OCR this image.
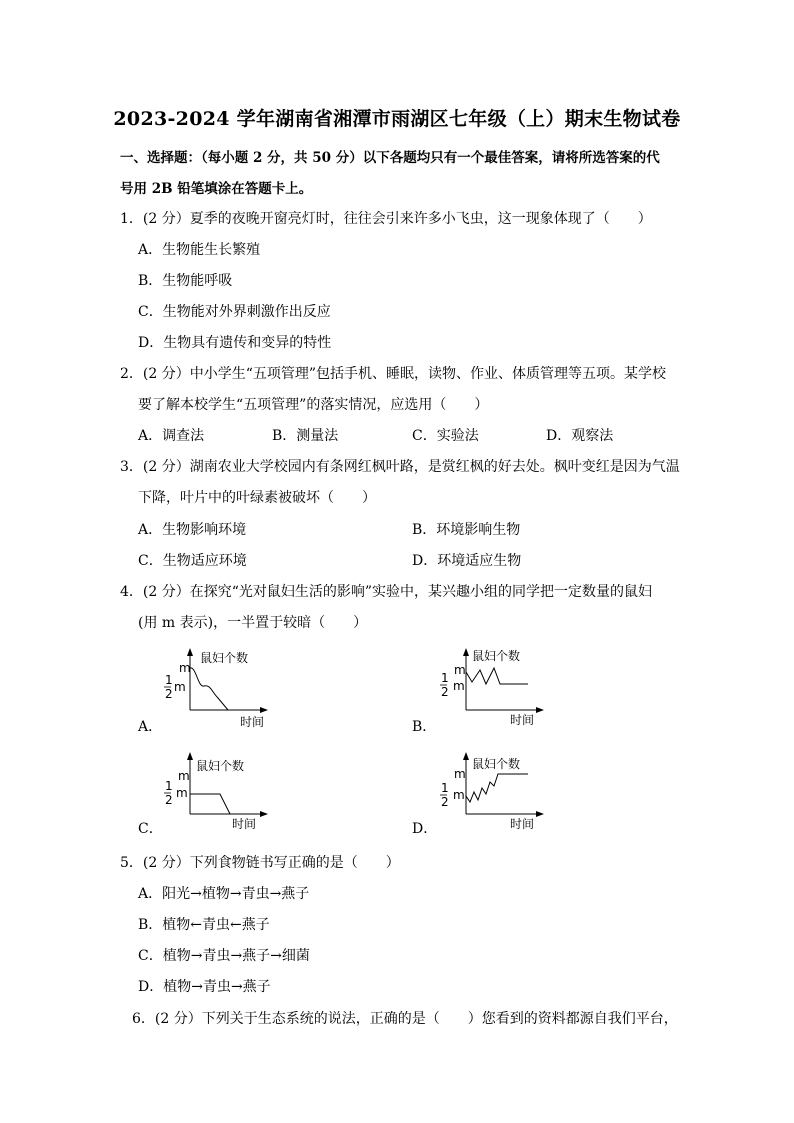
2023-2024 学年湖南省湘潭市雨湖区七年级（上）期末生物试卷
一、选择题：（每小题 2 分，共 50 分）以下各题均只有一个最佳答案，请将所选答案的代
号用 2B 铅笔填涂在答题卡上。
1．(2 分）夏季的夜晚开窗亮灯时，往往会引来许多小飞虫，这一现象体现了（　　）
A．生物能生长繁殖
B．生物能呼吸
C．生物能对外界刺激作出反应
D．生物具有遗传和变异的特性
2．(2 分）中小学生“五项管理”包括手机、睡眠，读物、作业、体质管理等五项。某学校
要了解本校学生“五项管理”的落实情况，应选用（　　）
A．调查法	B．测量法	C．实验法	D．观察法
3．(2 分）湖南农业大学校园内有条网红枫叶路，是赏红枫的好去处。枫叶变红是因为气温
下降，叶片中的叶绿素被破坏（　　）
A．生物影响环境	B．环境影响生物
C．生物适应环境	D．环境适应生物
4．(2 分）在探究“光对鼠妇生活的影响”实验中，某兴趣小组的同学把一定数量的鼠妇
(用 m 表示)，一半置于较暗（　　）
A．
鼠妇个数
时间
m
1
2 m
B．
鼠妇个数
时间
m
1
2 m
C．
鼠妇个数
时间
m
1
2 m
D．
鼠妇个数
时间
m
1
2 m
5．(2 分）下列食物链书写正确的是（　　）
A．阳光→植物→青虫→燕子
B．植物←青虫←燕子
C．植物→青虫→燕子→细菌
D．植物→青虫→燕子
6．(2 分）下列关于生态系统的说法，正确的是（　　）您看到的资料都源自我们平台，
